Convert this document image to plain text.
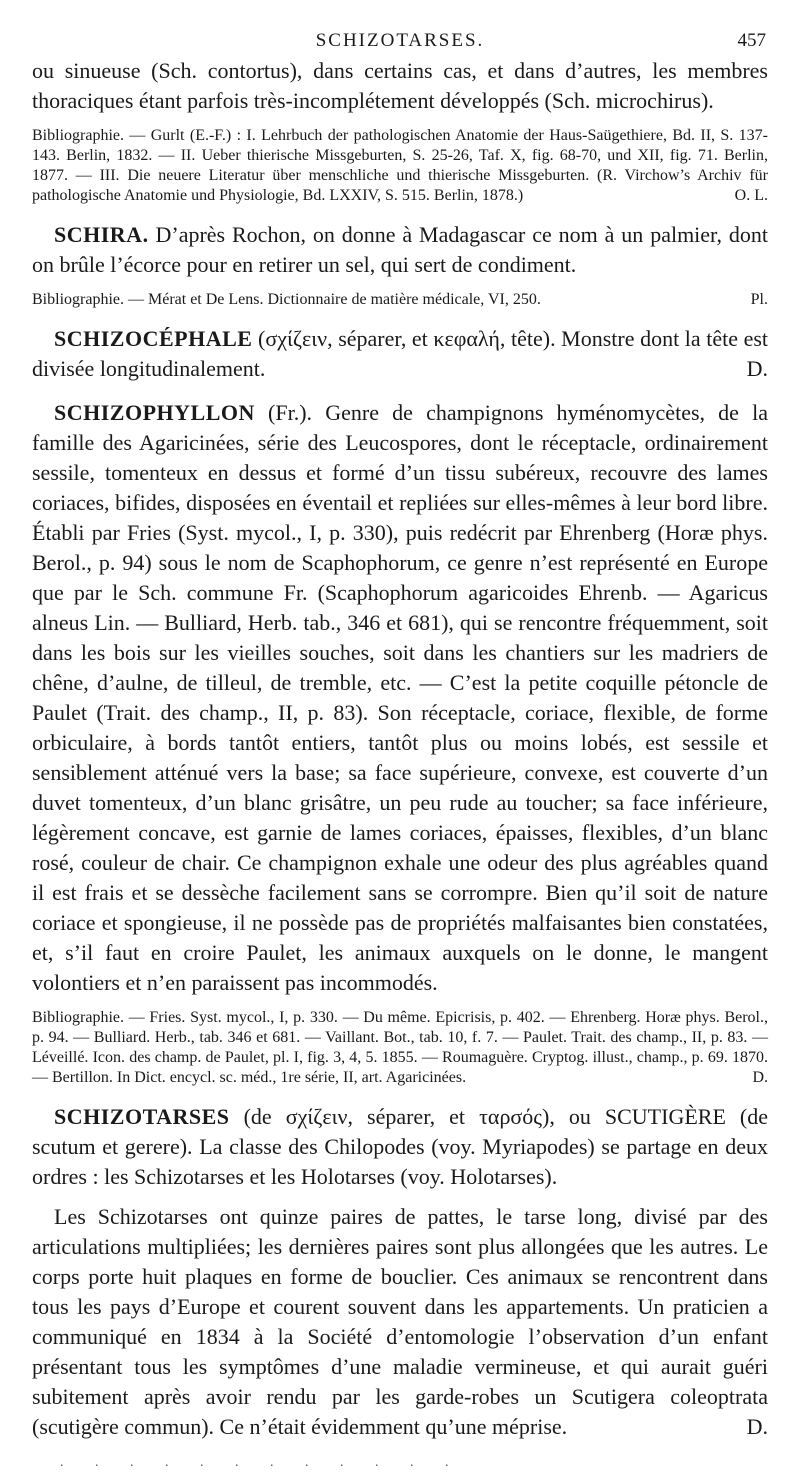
SCHIZOTARSES.	457

ou sinueuse (Sch. contortus), dans certains cas, et dans d’autres, les membres thoraciques étant parfois très-incomplétement développés (Sch. microchirus).

Bibliographie. — Gurlt (E.-F.) : I. Lehrbuch der pathologischen Anatomie der Haus-Saügethiere, Bd. II, S. 137-143. Berlin, 1832. — II. Ueber thierische Missgeburten, S. 25-26, Taf. X, fig. 68-70, und XII, fig. 71. Berlin, 1877. — III. Die neuere Literatur über menschliche und thierische Missgeburten. (R. Virchow’s Archiv für pathologische Anatomie und Physiologie, Bd. LXXIV, S. 515. Berlin, 1878.)	O. L.

SCHIRA. D’après Rochon, on donne à Madagascar ce nom à un palmier, dont on brûle l’écorce pour en retirer un sel, qui sert de condiment.

Bibliographie. — Mérat et De Lens. Dictionnaire de matière médicale, VI, 250.	Pl.

SCHIZOCÉPHALE (σχίζειν, séparer, et κεφαλή, tête). Monstre dont la tête est divisée longitudinalement.	D.

SCHIZOPHYLLON (Fr.). Genre de champignons hyménomycètes, de la famille des Agaricinées, série des Leucospores, dont le réceptacle, ordinairement sessile, tomenteux en dessus et formé d’un tissu subéreux, recouvre des lames coriaces, bifides, disposées en éventail et repliées sur elles-mêmes à leur bord libre. Établi par Fries (Syst. mycol., I, p. 330), puis redécrit par Ehrenberg (Horæ phys. Berol., p. 94) sous le nom de Scaphophorum, ce genre n’est représenté en Europe que par le Sch. commune Fr. (Scaphophorum agaricoides Ehrenb. — Agaricus alneus Lin. — Bulliard, Herb. tab., 346 et 681), qui se rencontre fréquemment, soit dans les bois sur les vieilles souches, soit dans les chantiers sur les madriers de chêne, d’aulne, de tilleul, de tremble, etc. — C’est la petite coquille pétoncle de Paulet (Trait. des champ., II, p. 83). Son réceptacle, coriace, flexible, de forme orbiculaire, à bords tantôt entiers, tantôt plus ou moins lobés, est sessile et sensiblement atténué vers la base; sa face supérieure, convexe, est couverte d’un duvet tomenteux, d’un blanc grisâtre, un peu rude au toucher; sa face inférieure, légèrement concave, est garnie de lames coriaces, épaisses, flexibles, d’un blanc rosé, couleur de chair. Ce champignon exhale une odeur des plus agréables quand il est frais et se dessèche facilement sans se corrompre. Bien qu’il soit de nature coriace et spongieuse, il ne possède pas de propriétés malfaisantes bien constatées, et, s’il faut en croire Paulet, les animaux auxquels on le donne, le mangent volontiers et n’en paraissent pas incommodés.

Bibliographie. — Fries. Syst. mycol., I, p. 330. — Du même. Epicrisis, p. 402. — Ehrenberg. Horæ phys. Berol., p. 94. — Bulliard. Herb., tab. 346 et 681. — Vaillant. Bot., tab. 10, f. 7. — Paulet. Trait. des champ., II, p. 83. — Léveillé. Icon. des champ. de Paulet, pl. I, fig. 3, 4, 5. 1855. — Roumaguère. Cryptog. illust., champ., p. 69. 1870. — Bertillon. In Dict. encycl. sc. méd., 1re série, II, art. Agaricinées.	D.

SCHIZOTARSES (de σχίζειν, séparer, et ταρσός), ou SCUTIGÈRE (de scutum et gerere). La classe des Chilopodes (voy. Myriapodes) se partage en deux ordres : les Schizotarses et les Holotarses (voy. Holotarses).

Les Schizotarses ont quinze paires de pattes, le tarse long, divisé par des articulations multipliées; les dernières paires sont plus allongées que les autres. Le corps porte huit plaques en forme de bouclier. Ces animaux se rencontrent dans tous les pays d’Europe et courent souvent dans les appartements. Un praticien a communiqué en 1834 à la Société d’entomologie l’observation d’un enfant présentant tous les symptômes d’une maladie vermineuse, et qui aurait guéri subitement après avoir rendu par les garde-robes un Scutigera coleoptrata (scutigère commun). Ce n’était évidemment qu’une méprise.	D.

. . . . . . . . . . . .
